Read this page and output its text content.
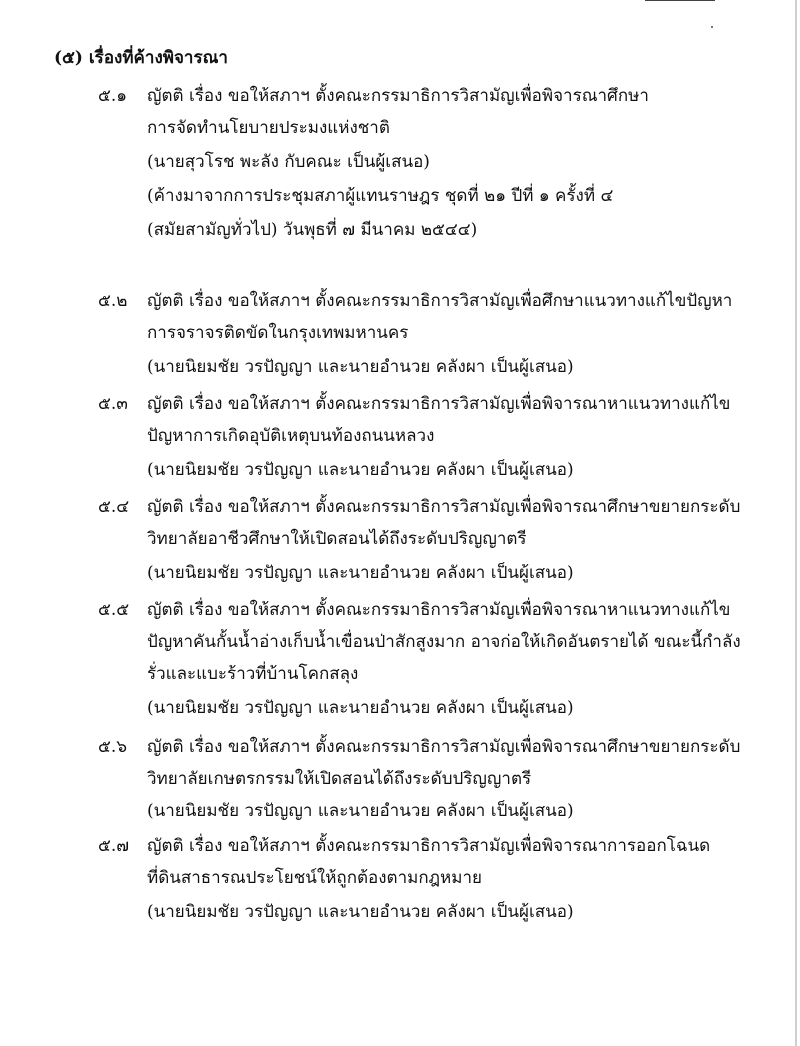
(๕) เรื่องที่ค้างพิจารณา
๕.๑ ญัตติ เรื่อง ขอให้สภาฯ ตั้งคณะกรรมาธิการวิสามัญเพื่อพิจารณาศึกษา
การจัดทำนโยบายประมงแห่งชาติ
(นายสุวโรช พะลัง กับคณะ เป็นผู้เสนอ)
(ค้างมาจากการประชุมสภาผู้แทนราษฎร ชุดที่ ๒๑ ปีที่ ๑ ครั้งที่ ๔
(สมัยสามัญทั่วไป) วันพุธที่ ๗ มีนาคม ๒๕๔๔)
๕.๒ ญัตติ เรื่อง ขอให้สภาฯ ตั้งคณะกรรมาธิการวิสามัญเพื่อศึกษาแนวทางแก้ไขปัญหา
การจราจรติดขัดในกรุงเทพมหานคร
(นายนิยมชัย วรปัญญา และนายอำนวย คลังผา เป็นผู้เสนอ)
๕.๓ ญัตติ เรื่อง ขอให้สภาฯ ตั้งคณะกรรมาธิการวิสามัญเพื่อพิจารณาหาแนวทางแก้ไข
ปัญหาการเกิดอุบัติเหตุบนท้องถนนหลวง
(นายนิยมชัย วรปัญญา และนายอำนวย คลังผา เป็นผู้เสนอ)
๕.๔ ญัตติ เรื่อง ขอให้สภาฯ ตั้งคณะกรรมาธิการวิสามัญเพื่อพิจารณาศึกษาขยายกระดับ
วิทยาลัยอาชีวศึกษาให้เปิดสอนได้ถึงระดับปริญญาตรี
(นายนิยมชัย วรปัญญา และนายอำนวย คลังผา เป็นผู้เสนอ)
๕.๕ ญัตติ เรื่อง ขอให้สภาฯ ตั้งคณะกรรมาธิการวิสามัญเพื่อพิจารณาหาแนวทางแก้ไข
ปัญหาคันกั้นน้ำอ่างเก็บน้ำเขื่อนป่าสักสูงมาก อาจก่อให้เกิดอันตรายได้ ขณะนี้กำลัง
รั่วและแบะร้าวที่บ้านโคกสลุง
(นายนิยมชัย วรปัญญา และนายอำนวย คลังผา เป็นผู้เสนอ)
๕.๖ ญัตติ เรื่อง ขอให้สภาฯ ตั้งคณะกรรมาธิการวิสามัญเพื่อพิจารณาศึกษาขยายกระดับ
วิทยาลัยเกษตรกรรมให้เปิดสอนได้ถึงระดับปริญญาตรี
(นายนิยมชัย วรปัญญา และนายอำนวย คลังผา เป็นผู้เสนอ)
๕.๗ ญัตติ เรื่อง ขอให้สภาฯ ตั้งคณะกรรมาธิการวิสามัญเพื่อพิจารณาการออกโฉนด
ที่ดินสาธารณประโยชน์ให้ถูกต้องตามกฎหมาย
(นายนิยมชัย วรปัญญา และนายอำนวย คลังผา เป็นผู้เสนอ)
